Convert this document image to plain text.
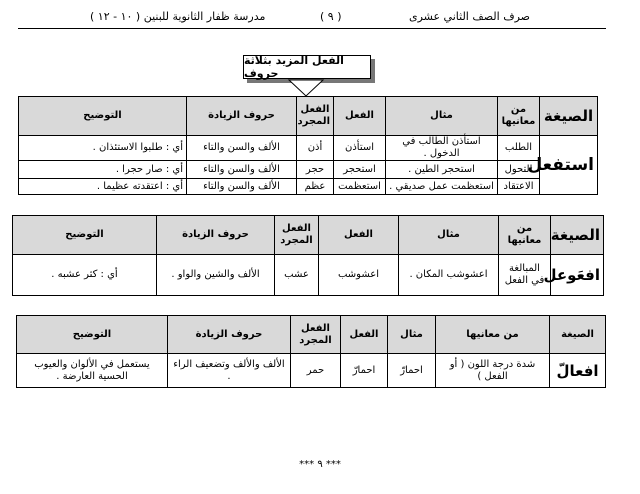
صرف الصف الثاني عشرى
( ٩ )
مدرسة ظفار الثانوية للبنين ( ١٠ - ١٢ )
الفعل المزيد بثلاثة حروف
الصيغة	من معانيها	مثال	الفعل	الفعل المجرد	حروف الزيادة	التوضيح
استفعل	الطلب	استأذن الطالب في الدخول .	استأذن	أذن	الألف والسن والتاء	أي : طلبوا الاستئذان .
	التحول	استحجر الطين .	استحجر	حجر	الألف والسن والتاء	أي : صار حجرا .
	الاعتقاد	استعظمت عمل صديقي .	استعظمت	عظم	الألف والسن والتاء	أي : اعتقدته عظيما .
الصيغة	من معانيها	مثال	الفعل	الفعل المجرد	حروف الزيادة	التوضيح
افعَوعل	المبالغة في الفعل	اعشوشب المكان .	اعشوشب	عشب	الألف والشين والواو .	أي : كثر عشبه .
الصيغة	من معانيها	مثال	الفعل	الفعل المجرد	حروف الزيادة	التوضيح
افعالّ	شدة درجة اللون ( أو الفعل )	احمارّ	احمارّ	حمر	الألف والألف وتضعيف الراء .	يستعمل في الألوان والعيوب الحسية العارضة .
*** ٩ ***
